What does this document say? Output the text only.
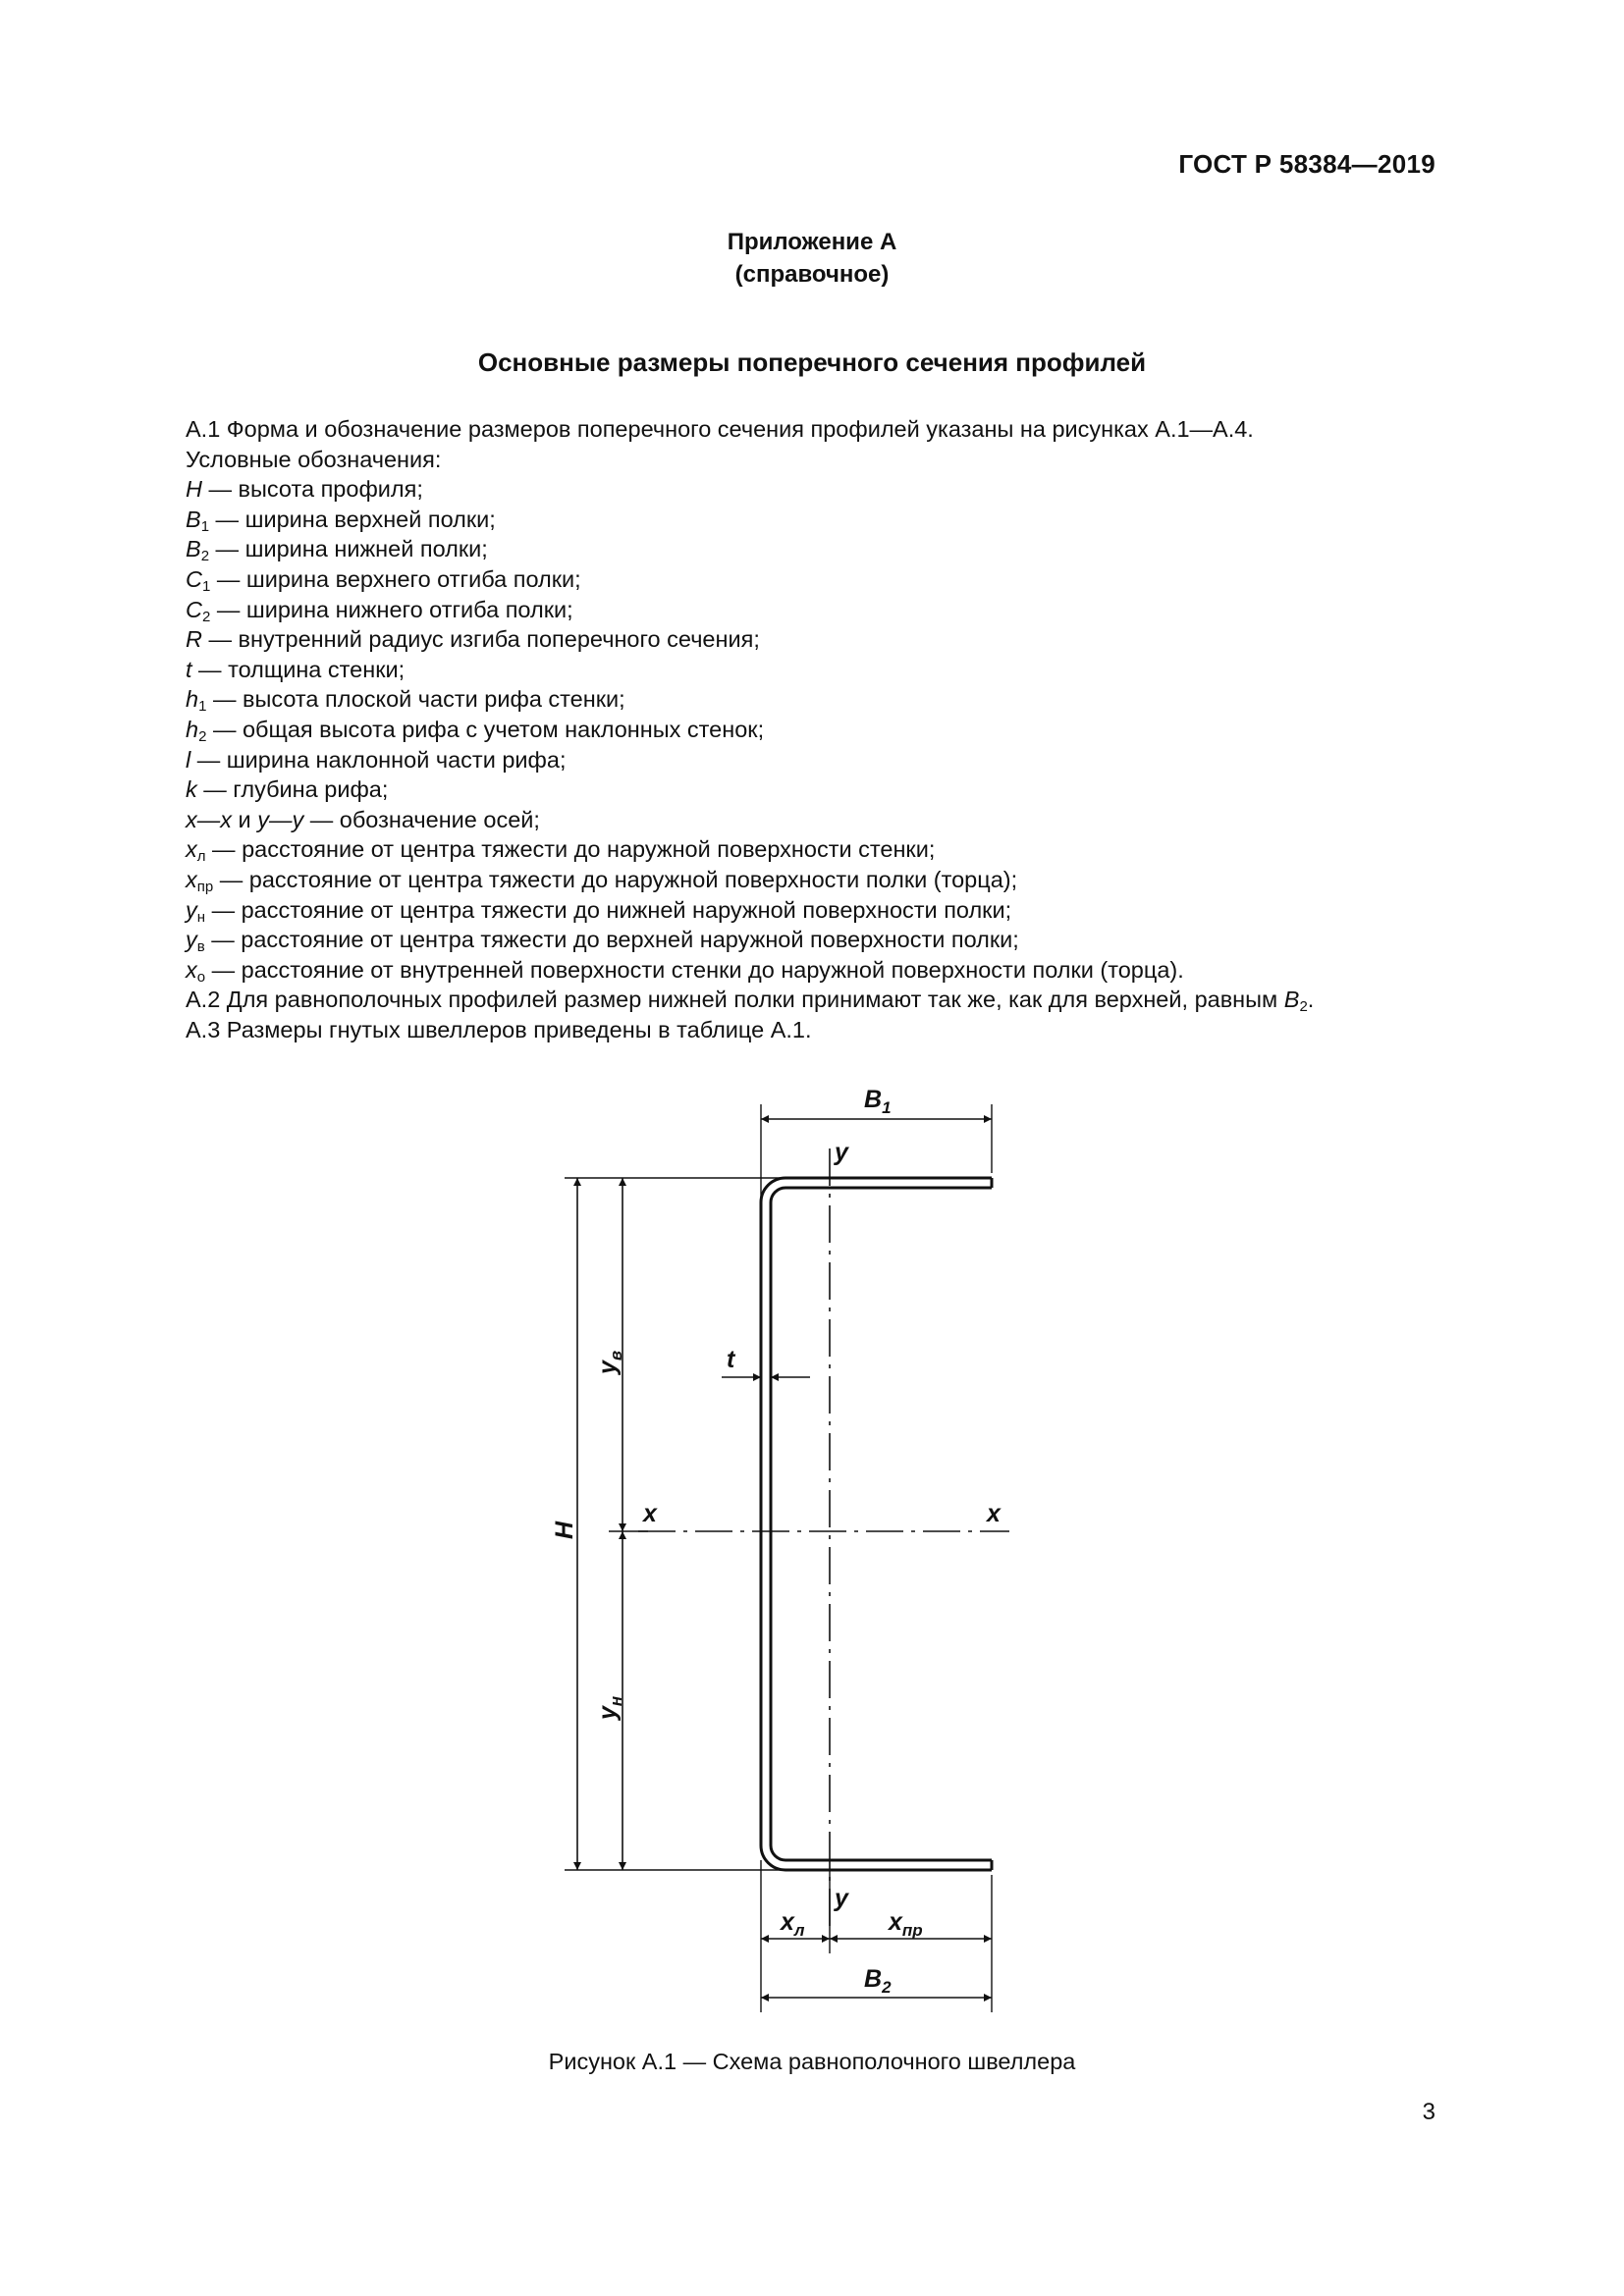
ГОСТ Р 58384—2019
Приложение А
(справочное)
Основные размеры поперечного сечения профилей
А.1 Форма и обозначение размеров поперечного сечения профилей указаны на рисунках А.1—А.4.
Условные обозначения:
H — высота профиля;
$B_1$ — ширина верхней полки;
$B_2$ — ширина нижней полки;
$C_1$ — ширина верхнего отгиба полки;
$C_2$ — ширина нижнего отгиба полки;
R — внутренний радиус изгиба поперечного сечения;
t — толщина стенки;
$h_1$ — высота плоской части рифа стенки;
$h_2$ — общая высота рифа с учетом наклонных стенок;
l — ширина наклонной части рифа;
k — глубина рифа;
x—x и y—y — обозначение осей;
$x_л$ — расстояние от центра тяжести до наружной поверхности стенки;
$x_{пр}$ — расстояние от центра тяжести до наружной поверхности полки (торца);
$y_н$ — расстояние от центра тяжести до нижней наружной поверхности полки;
$y_в$ — расстояние от центра тяжести до верхней наружной поверхности полки;
$x_о$ — расстояние от внутренней поверхности стенки до наружной поверхности полки (торца).
А.2 Для равнополочных профилей размер нижней полки принимают так же, как для верхней, равным $B_2$.
А.3 Размеры гнутых швеллеров приведены в таблице А.1.
$B_1$
y
H
$y_в$
$y_н$
t
x	x
y
$x_л$	$x_{пр}$
$B_2$
Рисунок А.1 — Схема равнополочного швеллера
3
